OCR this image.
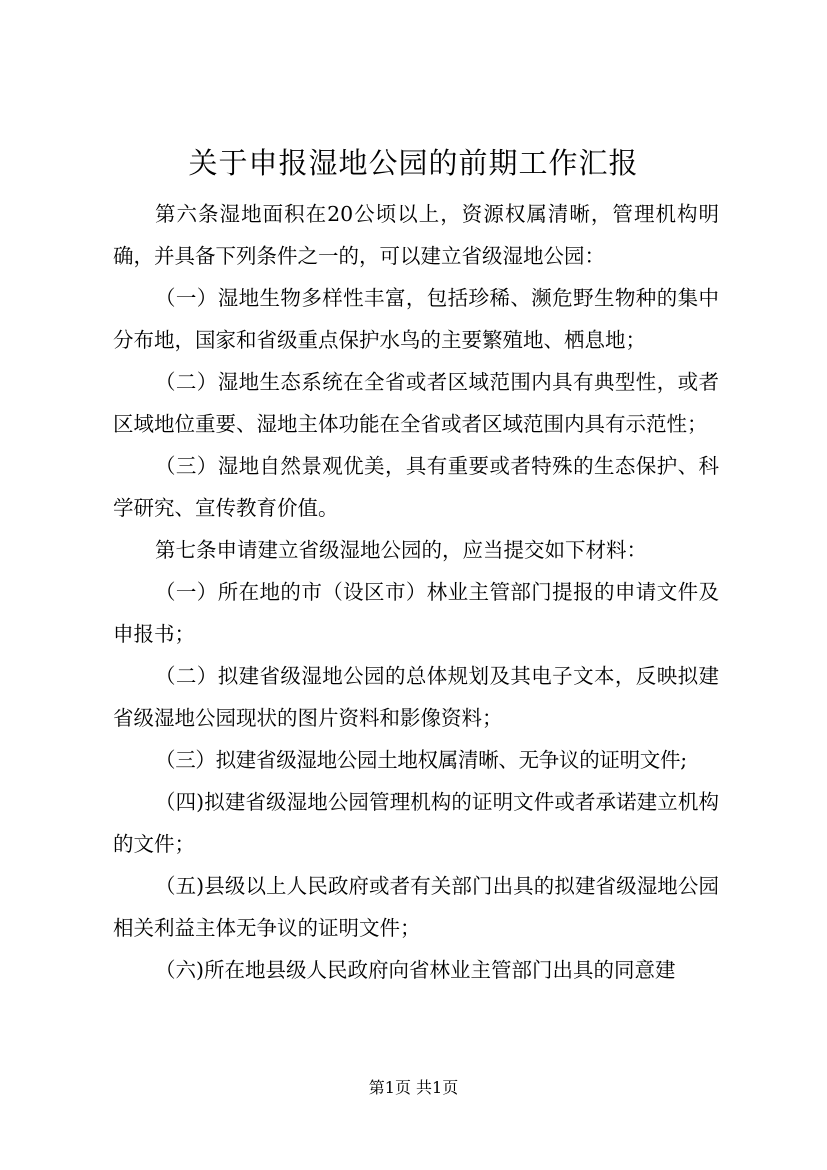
关于申报湿地公园的前期工作汇报

第六条湿地面积在20公顷以上，资源权属清晰，管理机构明确，并具备下列条件之一的，可以建立省级湿地公园：

（一）湿地生物多样性丰富，包括珍稀、濒危野生物种的集中分布地，国家和省级重点保护水鸟的主要繁殖地、栖息地；

（二）湿地生态系统在全省或者区域范围内具有典型性，或者区域地位重要、湿地主体功能在全省或者区域范围内具有示范性；

（三）湿地自然景观优美，具有重要或者特殊的生态保护、科学研究、宣传教育价值。

第七条申请建立省级湿地公园的，应当提交如下材料：

（一）所在地的市（设区市）林业主管部门提报的申请文件及申报书；

（二）拟建省级湿地公园的总体规划及其电子文本，反映拟建省级湿地公园现状的图片资料和影像资料；

（三）拟建省级湿地公园土地权属清晰、无争议的证明文件;

（四)拟建省级湿地公园管理机构的证明文件或者承诺建立机构的文件；

（五)县级以上人民政府或者有关部门出具的拟建省级湿地公园相关利益主体无争议的证明文件；

（六)所在地县级人民政府向省林业主管部门出具的同意建

第1页 共1页
